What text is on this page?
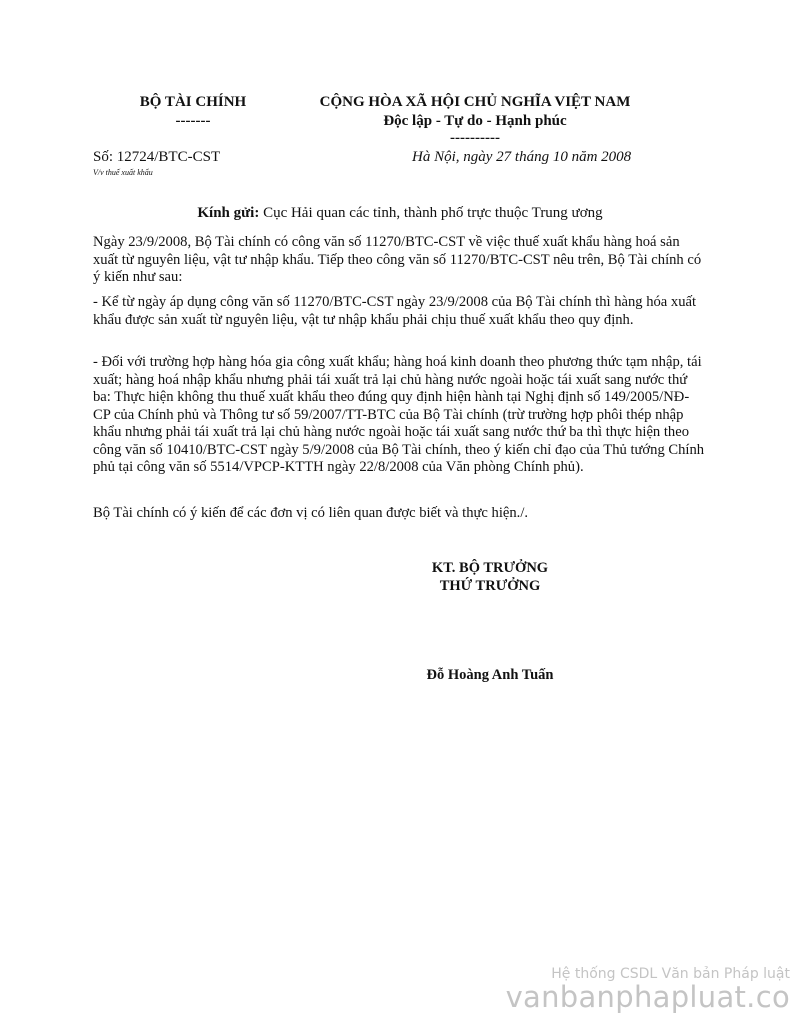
BỘ TÀI CHÍNH
-------
CỘNG HÒA XÃ HỘI CHỦ NGHĨA VIỆT NAM
Độc lập - Tự do - Hạnh phúc
----------
Số: 12724/BTC-CST
V/v thuế xuất khẩu
Hà Nội, ngày 27 tháng 10 năm 2008
Kính gửi: Cục Hải quan các tỉnh, thành phố trực thuộc Trung ương

Ngày 23/9/2008, Bộ Tài chính có công văn số 11270/BTC-CST về việc thuế xuất khẩu hàng hoá sản xuất từ nguyên liệu, vật tư nhập khẩu. Tiếp theo công văn số 11270/BTC-CST nêu trên, Bộ Tài chính có ý kiến như sau:

- Kể từ ngày áp dụng công văn số 11270/BTC-CST ngày 23/9/2008 của Bộ Tài chính thì hàng hóa xuất khẩu được sản xuất từ nguyên liệu, vật tư nhập khẩu phải chịu thuế xuất khẩu theo quy định.

- Đối với trường hợp hàng hóa gia công xuất khẩu; hàng hoá kinh doanh theo phương thức tạm nhập, tái xuất; hàng hoá nhập khẩu nhưng phải tái xuất trả lại chủ hàng nước ngoài hoặc tái xuất sang nước thứ ba: Thực hiện không thu thuế xuất khẩu theo đúng quy định hiện hành tại Nghị định số 149/2005/NĐ-CP của Chính phủ và Thông tư số 59/2007/TT-BTC của Bộ Tài chính (trừ trường hợp phôi thép nhập khẩu nhưng phải tái xuất trả lại chủ hàng nước ngoài hoặc tái xuất sang nước thứ ba thì thực hiện theo công văn số 10410/BTC-CST ngày 5/9/2008 của Bộ Tài chính, theo ý kiến chỉ đạo của Thủ tướng Chính phủ tại công văn số 5514/VPCP-KTTH ngày 22/8/2008 của Văn phòng Chính phủ).

Bộ Tài chính có ý kiến để các đơn vị có liên quan được biết và thực hiện./.

KT. BỘ TRƯỞNG
THỨ TRƯỞNG
Đỗ Hoàng Anh Tuấn
Hệ thống CSDL Văn bản Pháp luật
vanbanphapluat.co
